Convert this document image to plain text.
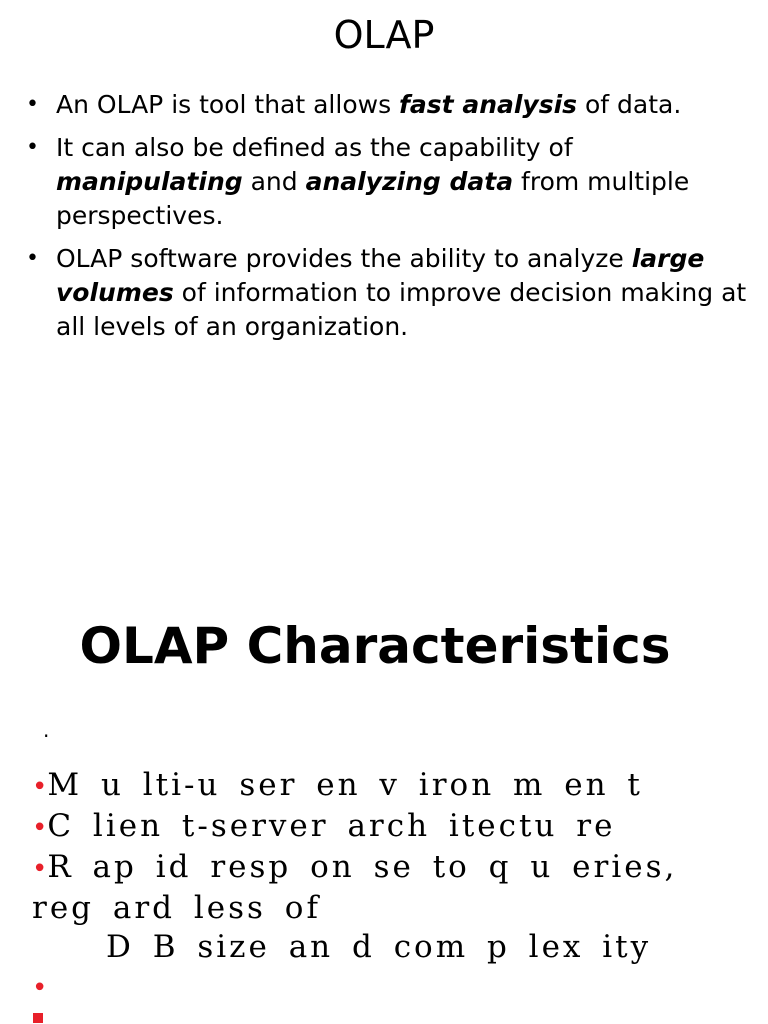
OLAP
• An OLAP is tool that allows fast analysis of data.
• It can also be defined as the capability of manipulating and analyzing data from multiple perspectives.
• OLAP software provides the ability to analyze large volumes of information to improve decision making at all levels of an organization.
OLAP Characteristics
.
•M u lti-u ser en v iron m en t
•C lien t-server arch itectu re
•R ap id resp on se to q u eries,
reg ard less of
D B size an d com p lex ity
•
